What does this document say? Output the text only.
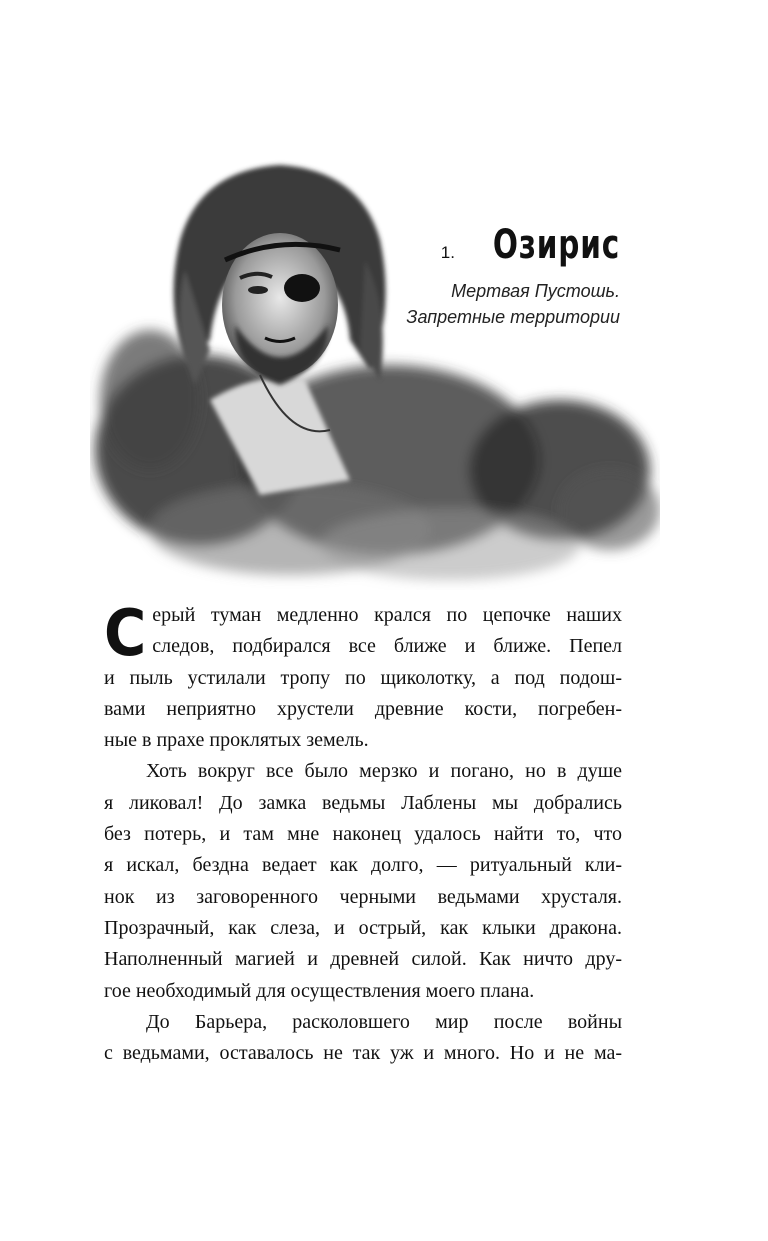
1. Озирис
Мертвая Пустошь.
Запретные территории
С ерый туман медленно крался по цепочке наших
следов, подбирался все ближе и ближе. Пепел
и пыль устилали тропу по щиколотку, а под подош-
вами неприятно хрустели древние кости, погребен-
ные в прахе проклятых земель.
Хоть вокруг все было мерзко и погано, но в душе
я ликовал! До замка ведьмы Лаблены мы добрались
без потерь, и там мне наконец удалось найти то, что
я искал, бездна ведает как долго, — ритуальный кли-
нок из заговоренного черными ведьмами хрусталя.
Прозрачный, как слеза, и острый, как клыки дракона.
Наполненный магией и древней силой. Как ничто дру-
гое необходимый для осуществления моего плана.
До Барьера, расколовшего мир после войны
с ведьмами, оставалось не так уж и много. Но и не ма-
